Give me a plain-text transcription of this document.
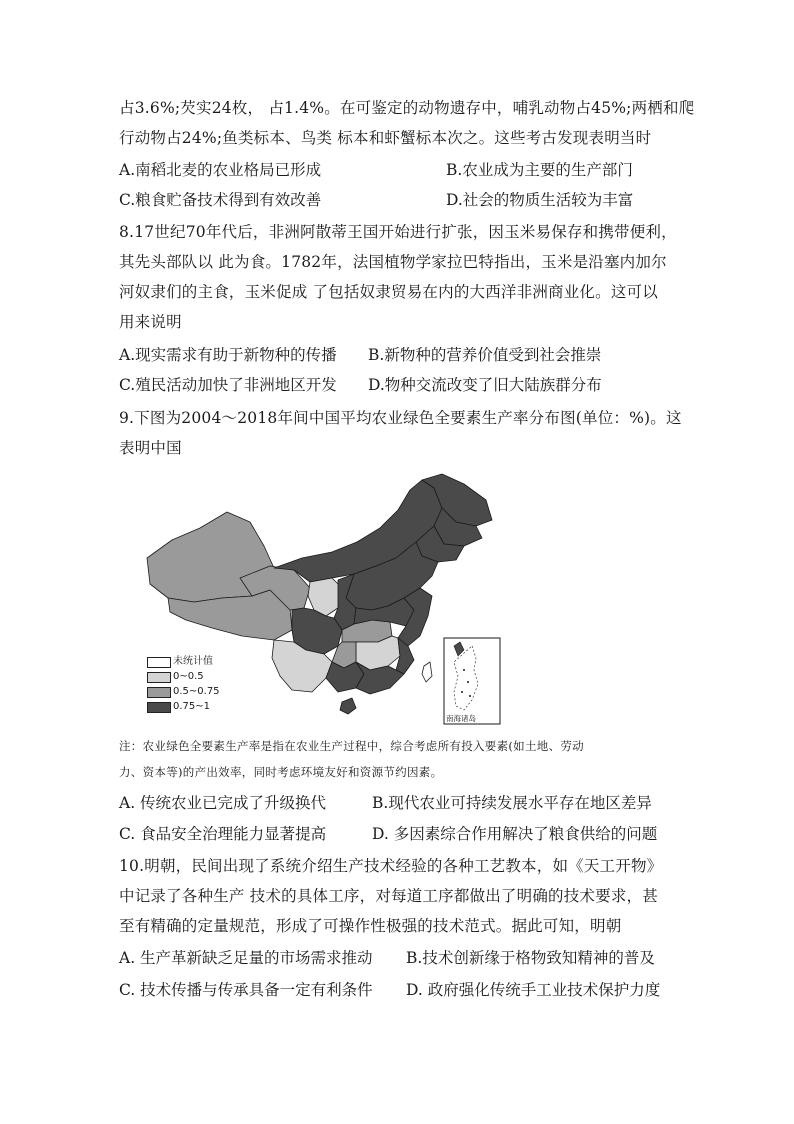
占3.6%;芡实24枚， 占1.4%。在可鉴定的动物遗存中，哺乳动物占45%;两栖和爬
行动物占24%;鱼类标本、鸟类 标本和虾蟹标本次之。这些考古发现表明当时
A.南稻北麦的农业格局已形成	B.农业成为主要的生产部门
C.粮食贮备技术得到有效改善	D.社会的物质生活较为丰富
8.17世纪70年代后，非洲阿散蒂王国开始进行扩张，因玉米易保存和携带便利，
其先头部队以 此为食。1782年，法国植物学家拉巴特指出，玉米是沿塞内加尔
河奴隶们的主食，玉米促成 了包括奴隶贸易在内的大西洋非洲商业化。这可以
用来说明
A.现实需求有助于新物种的传播 B.新物种的营养价值受到社会推崇
C.殖民活动加快了非洲地区开发 D.物种交流改变了旧大陆族群分布
9.下图为2004～2018年间中国平均农业绿色全要素生产率分布图(单位：%)。这
表明中国
未统计值
0~0.5
0.5~0.75
0.75~1
南海诸岛
注：农业绿色全要素生产率是指在农业生产过程中，综合考虑所有投入要素(如土地、劳动
力、资本等)的产出效率，同时考虑环境友好和资源节约因素。
A. 传统农业已完成了升级换代	B.现代农业可持续发展水平存在地区差异
C. 食品安全治理能力显著提高	D. 多因素综合作用解决了粮食供给的问题
10.明朝，民间出现了系统介绍生产技术经验的各种工艺教本，如《天工开物》
中记录了各种生产 技术的具体工序，对每道工序都做出了明确的技术要求，甚
至有精确的定量规范，形成了可操作性极强的技术范式。据此可知，明朝
A. 生产革新缺乏足量的市场需求推动 B.技术创新缘于格物致知精神的普及
C. 技术传播与传承具备一定有利条件 D. 政府强化传统手工业技术保护力度
